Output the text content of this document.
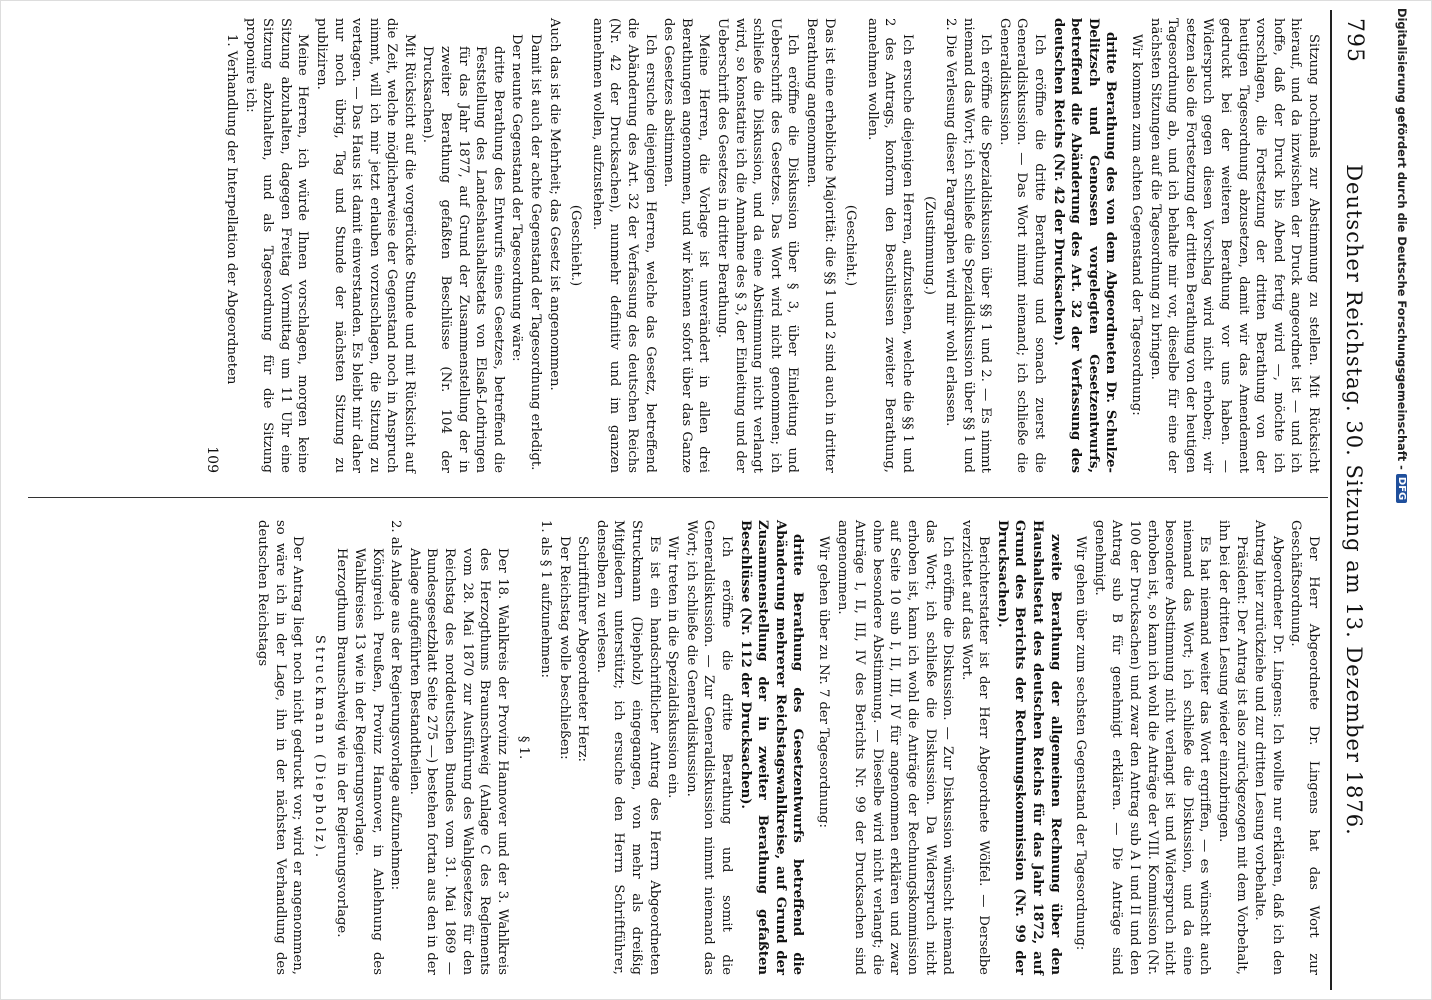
795
Deutscher Reichstag. 30. Sitzung am 13. Dezember 1876.

Sitzung nochmals zur Abstimmung zu stellen. Mit Rücksicht hierauf, und da inzwischen der Druck angeordnet ist — und ich hoffe, daß der Druck bis Abend fertig wird —, möchte ich vorschlagen, die Fortsetzung der dritten Berathung von der heutigen Tagesordnung abzusetzen, damit wir das Amendement gedruckt bei der weiteren Berathung vor uns haben. — Widerspruch gegen diesen Vorschlag wird nicht erhoben; wir setzen also die Fortsetzung der dritten Berathung von der heutigen Tagesordnung ab, und ich behalte mir vor, dieselbe für eine der nächsten Sitzungen auf die Tagesordnung zu bringen.

Wir kommen zum achten Gegenstand der Tagesordnung:

dritte Berathung des von dem Abgeordneten Dr. Schulze-Delitzsch und Genossen vorgelegten Gesetzentwurfs, betreffend die Abänderung des Art. 32 der Verfassung des deutschen Reichs (Nr. 42 der Drucksachen).

Ich eröffne die dritte Berathung und sonach zuerst die Generaldiskussion. — Das Wort nimmt niemand; ich schließe die Generaldiskussion.

Ich eröffne die Spezialdiskussion über §§ 1 und 2. — Es nimmt niemand das Wort; ich schließe die Spezialdiskussion über §§ 1 und 2. Die Verlesung dieser Paragraphen wird mir wohl erlassen.

(Zustimmung.)

Ich ersuche diejenigen Herren, aufzustehen, welche die §§ 1 und 2 des Antrags, konform den Beschlüssen zweiter Berathung, annehmen wollen.

(Geschieht.)

Das ist eine erhebliche Majorität: die §§ 1 und 2 sind auch in dritter Berathung angenommen.

Ich eröffne die Diskussion über § 3, über Einleitung und Ueberschrift des Gesetzes. Das Wort wird nicht genommen; ich schließe die Diskussion, und da eine Abstimmung nicht verlangt wird, so konstatire ich die Annahme des § 3, der Einleitung und der Ueberschrift des Gesetzes in dritter Berathung.

Meine Herren, die Vorlage ist unverändert in allen drei Berathungen angenommen, und wir können sofort über das Ganze des Gesetzes abstimmen.

Ich ersuche diejenigen Herren, welche das Gesetz, betreffend die Abänderung des Art. 32 der Verfassung des deutschen Reichs (Nr. 42 der Drucksachen), nunmehr definitiv und im ganzen annehmen wollen, aufzustehen.

(Geschieht.)

Auch das ist die Mehrheit; das Gesetz ist angenommen.

Damit ist auch der achte Gegenstand der Tagesordnung erledigt.

Der neunte Gegenstand der Tagesordnung wäre:

dritte Berathung des Entwurfs eines Gesetzes, betreffend die Feststellung des Landeshaushaltsetats von Elsaß-Lothringen für das Jahr 1877, auf Grund der Zusammenstellung der in zweiter Berathung gefaßten Beschlüsse (Nr. 104 der Drucksachen).

Mit Rücksicht auf die vorgerückte Stunde und mit Rücksicht auf die Zeit, welche möglicherweise der Gegenstand noch in Anspruch nimmt, will ich mir jetzt erlauben vorzuschlagen, die Sitzung zu vertagen. — Das Haus ist damit einverstanden. Es bleibt mir daher nur noch übrig, Tag und Stunde der nächsten Sitzung zu publiziren.

Meine Herren, ich würde Ihnen vorschlagen, morgen keine Sitzung abzuhalten, dagegen Freitag Vormittag um 11 Uhr eine Sitzung abzuhalten, und als Tagesordnung für die Sitzung proponire ich:

1. Verhandlung der Interpellation der Abgeordneten

109

Der Herr Abgeordnete Dr. Lingens hat das Wort zur Geschäftsordnung.

Abgeordneter Dr. Lingens: Ich wollte nur erklären, daß ich den Antrag hier zurückziehe und zur dritten Lesung vorbehalte.

Präsident: Der Antrag ist also zurückgezogen mit dem Vorbehalt, ihn bei der dritten Lesung wieder einzubringen.

Es hat niemand weiter das Wort ergriffen, — es wünscht auch niemand das Wort; ich schließe die Diskussion, und da eine besondere Abstimmung nicht verlangt ist und Widerspruch nicht erhoben ist, so kann ich wohl die Anträge der VIII. Kommission (Nr. 100 der Drucksachen) und zwar den Antrag sub A I und II und den Antrag sub B für genehmigt erklären. — Die Anträge sind genehmigt.

Wir gehen über zum sechsten Gegenstand der Tagesordnung:

zweite Berathung der allgemeinen Rechnung über den Haushaltsetat des deutschen Reichs für das Jahr 1872, auf Grund des Berichts der Rechnungskommission (Nr. 99 der Drucksachen).

Berichterstatter ist der Herr Abgeordnete Wölfel. — Derselbe verzichtet auf das Wort.

Ich eröffne die Diskussion. — Zur Diskussion wünscht niemand das Wort; ich schließe die Diskussion. Da Widerspruch nicht erhoben ist, kann ich wohl die Anträge der Rechnungskommission auf Seite 10 sub I, II, III, IV für angenommen erklären und zwar ohne besondere Abstimmung. — Dieselbe wird nicht verlangt; die Anträge I, II, III, IV des Berichts Nr. 99 der Drucksachen sind angenommen.

Wir gehen über zu Nr. 7 der Tagesordnung:

dritte Berathung des Gesetzentwurfs betreffend die Abänderung mehrerer Reichstagswahlkreise, auf Grund der Zusammenstellung der in zweiter Berathung gefaßten Beschlüsse (Nr. 112 der Drucksachen).

Ich eröffne die dritte Berathung und somit die Generaldiskussion. — Zur Generaldiskussion nimmt niemand das Wort; ich schließe die Generaldiskussion.

Wir treten in die Spezialdiskussion ein.

Es ist ein handschriftlicher Antrag des Herrn Abgeordneten Struckmann (Diepholz) eingegangen, von mehr als dreißig Mitgliedern unterstützt; ich ersuche den Herrn Schriftführer, denselben zu verlesen.

Schriftführer Abgeordneter Herz:

Der Reichstag wolle beschließen:

1. als § 1 aufzunehmen:

§ 1.

Der 18. Wahlkreis der Provinz Hannover und der 3. Wahlkreis des Herzogthums Braunschweig (Anlage C des Reglements vom 28. Mai 1870 zur Ausführung des Wahlgesetzes für den Reichstag des norddeutschen Bundes vom 31. Mai 1869 — Bundesgesetzblatt Seite 275 —) bestehen fortan aus den in der Anlage aufgeführten Bestandtheilen.

2. als Anlage aus der Regierungsvorlage aufzunehmen:

Königreich Preußen, Provinz Hannover, in Anlehnung des Wahlkreises 13 wie in der Regierungsvorlage.

Herzogthum Braunschweig wie in der Regierungsvorlage.

Struckmann (Diepholz).

Der Antrag liegt noch nicht gedruckt vor; wird er angenommen, so wäre ich in der Lage, ihn in der nächsten Verhandlung des deutschen Reichstags

Digitalisierung gefördert durch die Deutsche Forschungsgemeinschaft -
DFG
